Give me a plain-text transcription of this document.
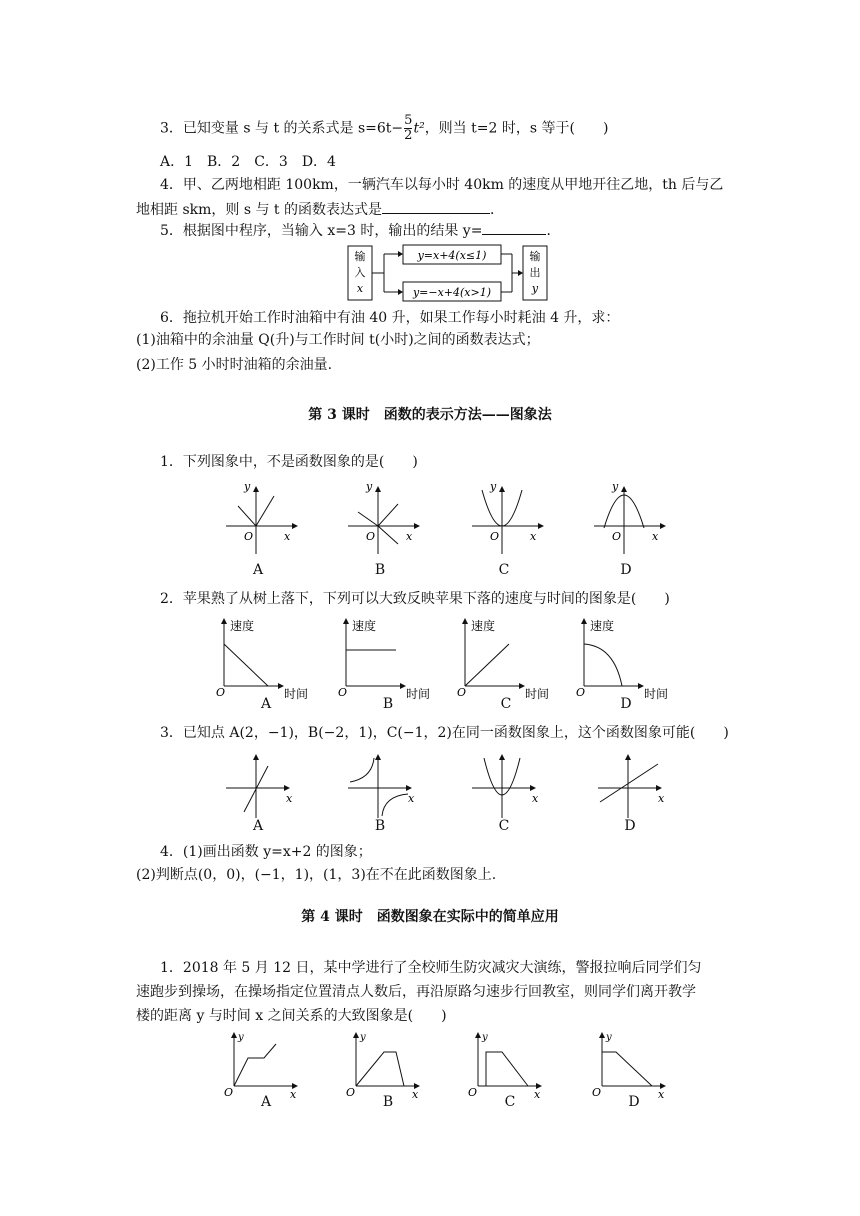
3．已知变量 s 与 t 的关系式是 $s=6t- \frac{5}{2} t^2$，则当 t=2 时，s 等于(　　)
A．1　B．2　C．3　D．4
4．甲、乙两地相距 100km，一辆汽车以每小时 40km 的速度从甲地开往乙地，th 后与乙
地相距 skm，则 s 与 t 的函数表达式是	．
5．根据图中程序，当输入 x=3 时，输出的结果 y=	．
输
入
x
y=x+4(x≤1)
y=−x+4(x>1)
输
出
y
6．拖拉机开始工作时油箱中有油 40 升，如果工作每小时耗油 4 升，求：
(1)油箱中的余油量 Q(升)与工作时间 t(小时)之间的函数表达式；
(2)工作 5 小时时油箱的余油量.
第 3 课时　函数的表示方法——图象法
1．下列图象中，不是函数图象的是(　　)
y
x
O
y
x
O
y
x
O
y
x
O
A	B	C	D
2．苹果熟了从树上落下，下列可以大致反映苹果下落的速度与时间的图象是(　　)
速度
时间
O
速度
时间
O
速度
时间
O
速度
时间
O
A	B	C	D
3．已知点 A(2，−1)，B(−2，1)，C(−1，2)在同一函数图象上，这个函数图象可能(　　)
x	x	x	x
A	B	C	D
4．(1)画出函数 y=x+2 的图象；
(2)判断点(0，0)，(−1，1)，(1，3)在不在此函数图象上.
第 4 课时　函数图象在实际中的简单应用
1．2018 年 5 月 12 日，某中学进行了全校师生防灾减灾大演练，警报拉响后同学们匀
速跑步到操场，在操场指定位置清点人数后，再沿原路匀速步行回教室，则同学们离开教学
楼的距离 y 与时间 x 之间关系的大致图象是(　　)
y
x
O
y
x
O
y
x
O
y
x
O
A	B	C	D
